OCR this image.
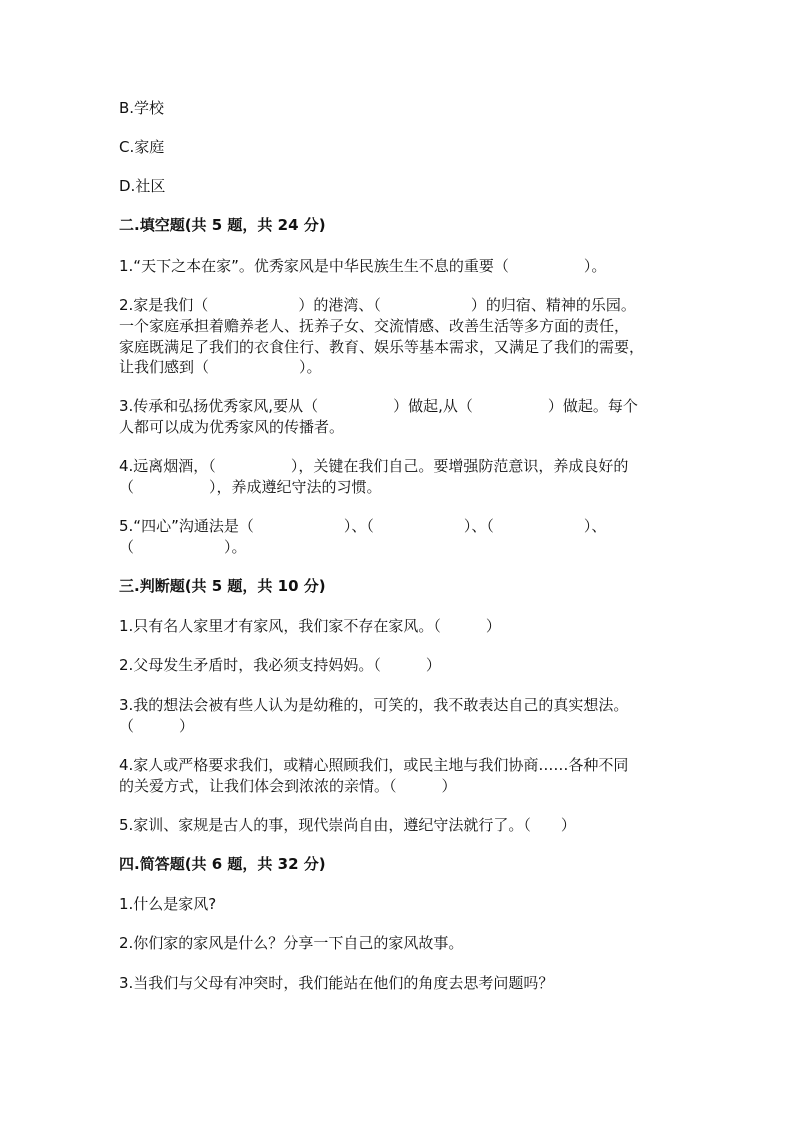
B.学校
C.家庭
D.社区
二.填空题(共 5 题，共 24 分)
1.“天下之本在家”。优秀家风是中华民族生生不息的重要（　　　　　）。
2.家是我们（　　　　　　）的港湾、（　　　　　　）的归宿、精神的乐园。
一个家庭承担着赡养老人、抚养子女、交流情感、改善生活等多方面的责任，
家庭既满足了我们的衣食住行、教育、娱乐等基本需求，又满足了我们的需要，
让我们感到（　　　　　　）。
3.传承和弘扬优秀家风,要从（　　　　　）做起,从（　　　　　）做起。每个
人都可以成为优秀家风的传播者。
4.远离烟酒，（　　　　　），关键在我们自己。要增强防范意识，养成良好的
（　　　　　），养成遵纪守法的习惯。
5.“四心”沟通法是（　　　　　　）、（　　　　　　）、（　　　　　　）、
（　　　　　　）。
三.判断题(共 5 题，共 10 分)
1.只有名人家里才有家风，我们家不存在家风。（　　　）
2.父母发生矛盾时，我必须支持妈妈。（　　　）
3.我的想法会被有些人认为是幼稚的，可笑的，我不敢表达自己的真实想法。
（　　　）
4.家人或严格要求我们，或精心照顾我们，或民主地与我们协商……各种不同
的关爱方式，让我们体会到浓浓的亲情。（　　　）
5.家训、家规是古人的事，现代崇尚自由，遵纪守法就行了。（　　）
四.简答题(共 6 题，共 32 分)
1.什么是家风?
2.你们家的家风是什么？分享一下自己的家风故事。
3.当我们与父母有冲突时，我们能站在他们的角度去思考问题吗？
